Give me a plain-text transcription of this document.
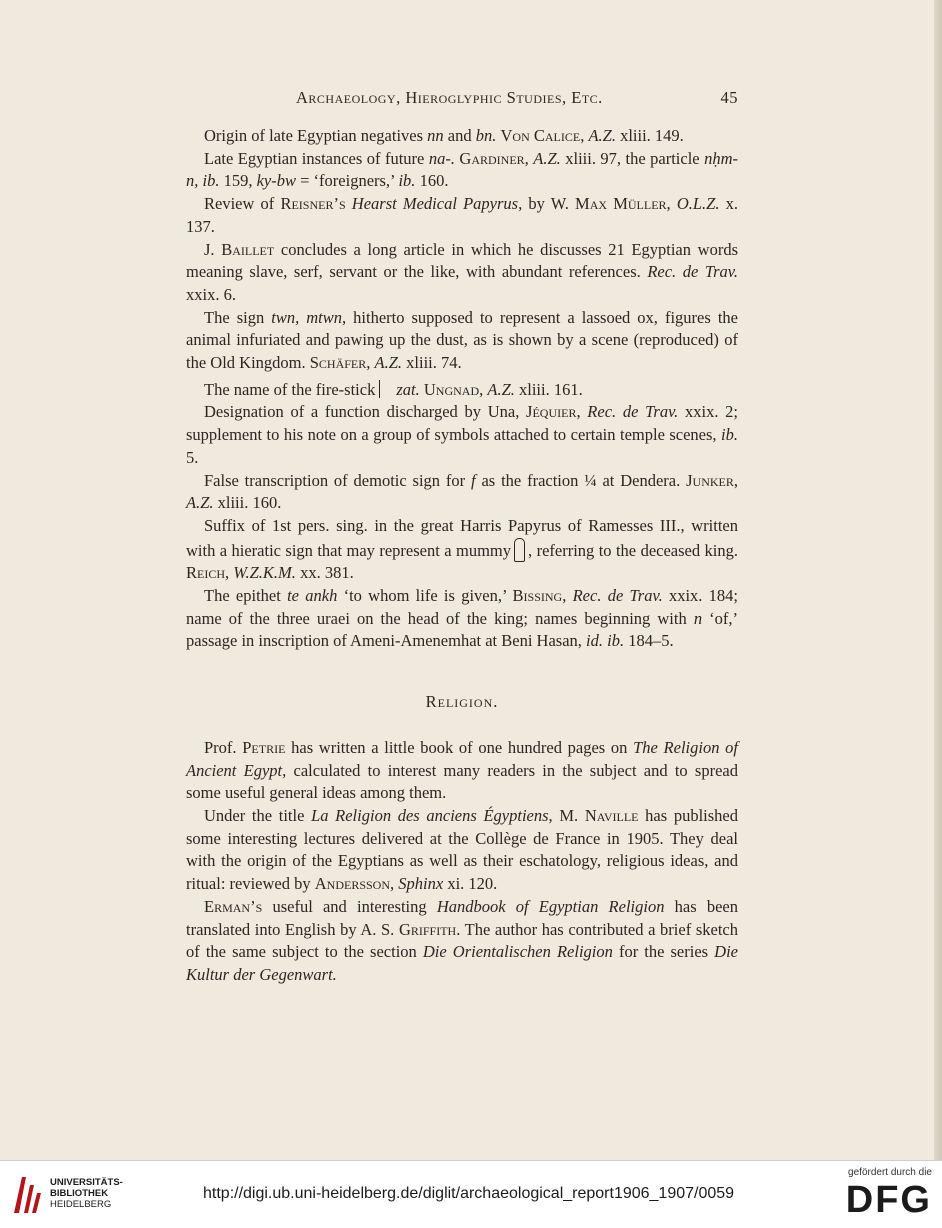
Archaeology, Hieroglyphic Studies, Etc.	45

Origin of late Egyptian negatives nn and bn. Von Calice, A.Z. xliii. 149.

Late Egyptian instances of future na-. Gardiner, A.Z. xliii. 97, the particle nḥm-n, ib. 159, ky-bw = ‘foreigners,’ ib. 160.

Review of Reisner’s Hearst Medical Papyrus, by W. Max Müller, O.L.Z. x. 137.

J. Baillet concludes a long article in which he discusses 21 Egyptian words meaning slave, serf, servant or the like, with abundant references. Rec. de Trav. xxix. 6.

The sign twn, mtwn, hitherto supposed to represent a lassoed ox, figures the animal infuriated and pawing up the dust, as is shown by a scene (reproduced) of the Old Kingdom. Schäfer, A.Z. xliii. 74.

The name of the fire-stick zat. Ungnad, A.Z. xliii. 161.

Designation of a function discharged by Una, Jéquier, Rec. de Trav. xxix. 2; supplement to his note on a group of symbols attached to certain temple scenes, ib. 5.

False transcription of demotic sign for f as the fraction ¼ at Dendera. Junker, A.Z. xliii. 160.

Suffix of 1st pers. sing. in the great Harris Papyrus of Ramesses III., written with a hieratic sign that may represent a mummy , referring to the deceased king. Reich, W.Z.K.M. xx. 381.

The epithet te ankh ‘to whom life is given,’ Bissing, Rec. de Trav. xxix. 184; name of the three uraei on the head of the king; names beginning with n ‘of,’ passage in inscription of Ameni-Amenemhat at Beni Hasan, id. ib. 184–5.

Religion.

Prof. Petrie has written a little book of one hundred pages on The Religion of Ancient Egypt, calculated to interest many readers in the subject and to spread some useful general ideas among them.

Under the title La Religion des anciens Égyptiens, M. Naville has published some interesting lectures delivered at the Collège de France in 1905. They deal with the origin of the Egyptians as well as their eschatology, religious ideas, and ritual: reviewed by Andersson, Sphinx xi. 120.

Erman’s useful and interesting Handbook of Egyptian Religion has been translated into English by A. S. Griffith. The author has contributed a brief sketch of the same subject to the section Die Orientalischen Religion for the series Die Kultur der Gegenwart.

UNIVERSITÄTS-
BIBLIOTHEK
HEIDELBERG
http://digi.ub.uni-heidelberg.de/diglit/archaeological_report1906_1907/0059
gefördert durch die
DFG
